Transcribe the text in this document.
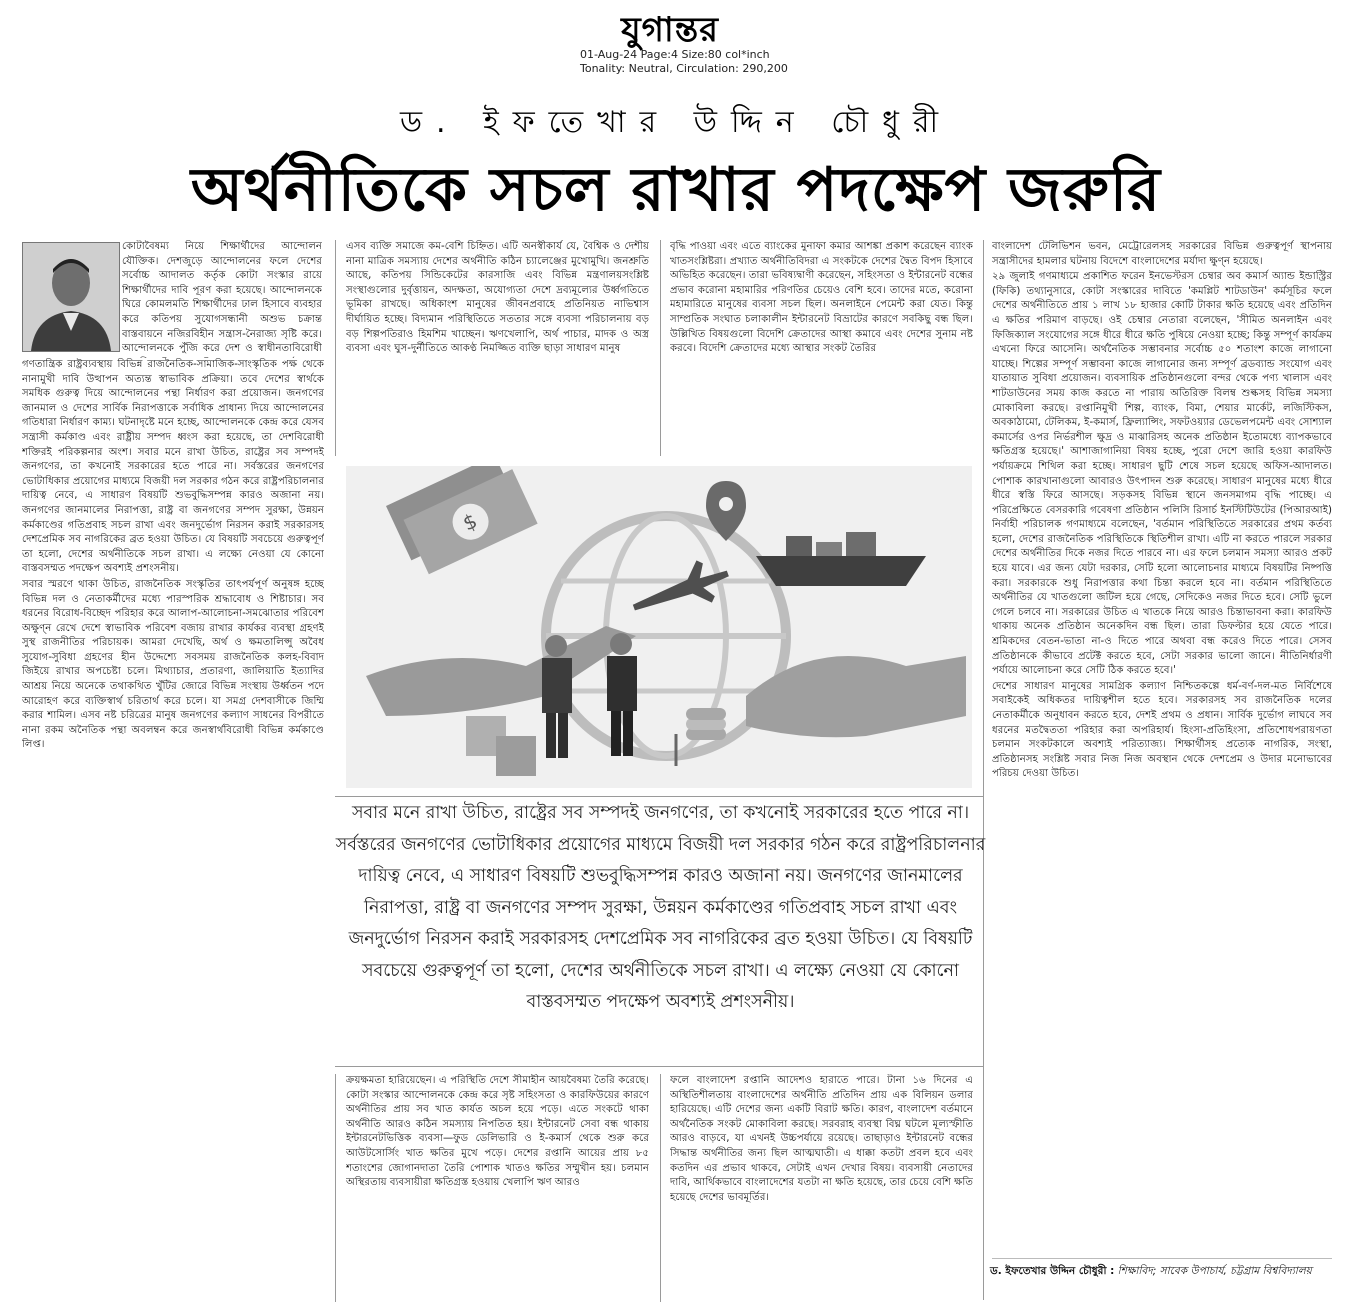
যুগান্তর
01-Aug-24 Page:4 Size:80 col*inch
Tonality: Neutral, Circulation: 290,200
ড. ইফতেখার উদ্দিন চৌধুরী
অর্থনীতিকে সচল রাখার পদক্ষেপ জরুরি

কোটাবৈষম্য নিয়ে শিক্ষার্থীদের আন্দোলন যৌক্তিক। দেশজুড়ে আন্দোলনের ফলে দেশের সর্বোচ্চ আদালত কর্তৃক কোটা সংস্কার রায়ে শিক্ষার্থীদের দাবি পূরণ করা হয়েছে। আন্দোলনকে ঘিরে কোমলমতি শিক্ষার্থীদের ঢাল হিসাবে ব্যবহার করে কতিপয় সুযোগসন্ধানী অশুভ চক্রান্ত বাস্তবায়নে নজিরবিহীন সন্ত্রাস-নৈরাজ্য সৃষ্টি করে। আন্দোলনকে পুঁজি করে দেশ ও স্বাধীনতাবিরোধী

গণতান্ত্রিক রাষ্ট্রব্যবস্থায় বিভিন্ন রাজনৈতিক-সামাজিক-সাংস্কৃতিক পক্ষ থেকে নানামুখী দাবি উত্থাপন অত্যন্ত স্বাভাবিক প্রক্রিয়া। তবে দেশের স্বার্থকে সমধিক গুরুত্ব দিয়ে আন্দোলনের পন্থা নির্ধারণ করা প্রয়োজন। জনগণের জানমাল ও দেশের সার্বিক নিরাপত্তাকে সর্বাধিক প্রাধান্য দিয়ে আন্দোলনের গতিধারা নির্ধারণ কাম্য। ঘটনাদৃষ্টে মনে হচ্ছে, আন্দোলনকে কেন্দ্র করে যেসব সন্ত্রাসী কর্মকাণ্ড এবং রাষ্ট্রীয় সম্পদ ধ্বংস করা হয়েছে, তা দেশবিরোধী শক্তিরই পরিকল্পনার অংশ। সবার মনে রাখা উচিত, রাষ্ট্রের সব সম্পদই জনগণের, তা কখনোই সরকারের হতে পারে না। সর্বস্তরের জনগণের ভোটাধিকার প্রয়োগের মাধ্যমে বিজয়ী দল সরকার গঠন করে রাষ্ট্রপরিচালনার দায়িত্ব নেবে, এ সাধারণ বিষয়টি শুভবুদ্ধিসম্পন্ন কারও অজানা নয়। জনগণের জানমালের নিরাপত্তা, রাষ্ট্র বা জনগণের সম্পদ সুরক্ষা, উন্নয়ন কর্মকাণ্ডের গতিপ্রবাহ সচল রাখা এবং জনদুর্ভোগ নিরসন করাই সরকারসহ দেশপ্রেমিক সব নাগরিকের ব্রত হওয়া উচিত। যে বিষয়টি সবচেয়ে গুরুত্বপূর্ণ তা হলো, দেশের অর্থনীতিকে সচল রাখা। এ লক্ষ্যে নেওয়া যে কোনো বাস্তবসম্মত পদক্ষেপ অবশ্যই প্রশংসনীয়।

সবার স্মরণে থাকা উচিত, রাজনৈতিক সংস্কৃতির তাৎপর্যপূর্ণ অনুষঙ্গ হচ্ছে বিভিন্ন দল ও নেতাকর্মীদের মধ্যে পারস্পরিক শ্রদ্ধাবোধ ও শিষ্টাচার। সব ধরনের বিরোধ-বিচ্ছেদ পরিহার করে আলাপ-আলোচনা-সমঝোতার পরিবেশ অক্ষুণ্ন রেখে দেশে স্বাভাবিক পরিবেশ বজায় রাখার কার্যকর ব্যবস্থা গ্রহণই সুস্থ রাজনীতির পরিচায়ক। আমরা দেখেছি, অর্থ ও ক্ষমতালিপ্সু অবৈধ সুযোগ-সুবিধা গ্রহণের হীন উদ্দেশ্যে সবসময় রাজনৈতিক কলহ-বিবাদ জিইয়ে রাখার অপচেষ্টা চলে। মিথ্যাচার, প্রতারণা, জালিয়াতি ইত্যাদির আশ্রয় নিয়ে অনেকে তথাকথিত খুঁটির জোরে বিভিন্ন সংস্থায় উর্ধ্বতন পদে আরোহণ করে ব্যক্তিস্বার্থ চরিতার্থ করে চলে। যা সমগ্র দেশবাসীকে জিম্মি করার শামিল। এসব নষ্ট চরিত্রের মানুষ জনগণের কল্যাণ সাধনের বিপরীতে নানা রকম অনৈতিক পন্থা অবলম্বন করে জনস্বার্থবিরোধী বিভিন্ন কর্মকাণ্ডে লিপ্ত।

এসব ব্যক্তি সমাজে কম-বেশি চিহ্নিত। এটি অনস্বীকার্য যে, বৈশ্বিক ও দেশীয় নানা মাত্রিক সমস্যায় দেশের অর্থনীতি কঠিন চ্যালেঞ্জের মুখোমুখি। জনশ্রুতি আছে, কতিপয় সিন্ডিকেটের কারসাজি এবং বিভিন্ন মন্ত্রণালয়সংশ্লিষ্ট সংস্থাগুলোর দুর্বৃত্তায়ন, অদক্ষতা, অযোগ্যতা দেশে দ্রব্যমূল্যের উর্ধ্বগতিতে ভূমিকা রাখছে। অধিকাংশ মানুষের জীবনপ্রবাহে প্রতিনিয়ত নাভিশ্বাস দীর্ঘায়িত হচ্ছে। বিদ্যমান পরিস্থিতিতে সততার সঙ্গে ব্যবসা পরিচালনায় বড় বড় শিল্পপতিরাও হিমশিম খাচ্ছেন। ঋণখেলাপি, অর্থ পাচার, মাদক ও অস্ত্র ব্যবসা এবং ঘুস-দুর্নীতিতে আকণ্ঠ নিমজ্জিত ব্যক্তি ছাড়া সাধারণ মানুষ

বৃদ্ধি পাওয়া এবং এতে ব্যাংকের মুনাফা কমার আশঙ্কা প্রকাশ করেছেন ব্যাংক খাতসংশ্লিষ্টরা। প্রখ্যাত অর্থনীতিবিদরা এ সংকটকে দেশের দ্বৈত বিপদ হিসাবে অভিহিত করেছেন। তারা ভবিষ্যদ্বাণী করেছেন, সহিংসতা ও ইন্টারনেট বন্ধের প্রভাব করোনা মহামারির পরিণতির চেয়েও বেশি হবে। তাদের মতে, করোনা মহামারিতে মানুষের ব্যবসা সচল ছিল। অনলাইনে পেমেন্ট করা যেত। কিন্তু সাম্প্রতিক সংঘাত চলাকালীন ইন্টারনেট বিভ্রাটের কারণে সবকিছু বন্ধ ছিল। উল্লিখিত বিষয়গুলো বিদেশি ক্রেতাদের আস্থা কমাবে এবং দেশের সুনাম নষ্ট করবে। বিদেশি ক্রেতাদের মধ্যে আস্থার সংকট তৈরির

$

সবার মনে রাখা উচিত, রাষ্ট্রের সব সম্পদই জনগণের, তা কখনোই সরকারের হতে পারে না। সর্বস্তরের জনগণের ভোটাধিকার প্রয়োগের মাধ্যমে বিজয়ী দল সরকার গঠন করে রাষ্ট্রপরিচালনার দায়িত্ব নেবে, এ সাধারণ বিষয়টি শুভবুদ্ধিসম্পন্ন কারও অজানা নয়। জনগণের জানমালের নিরাপত্তা, রাষ্ট্র বা জনগণের সম্পদ সুরক্ষা, উন্নয়ন কর্মকাণ্ডের গতিপ্রবাহ সচল রাখা এবং জনদুর্ভোগ নিরসন করাই সরকারসহ দেশপ্রেমিক সব নাগরিকের ব্রত হওয়া উচিত। যে বিষয়টি সবচেয়ে গুরুত্বপূর্ণ তা হলো, দেশের অর্থনীতিকে সচল রাখা। এ লক্ষ্যে নেওয়া যে কোনো বাস্তবসম্মত পদক্ষেপ অবশ্যই প্রশংসনীয়।

ক্রয়ক্ষমতা হারিয়েছেন। এ পরিস্থিতি দেশে সীমাহীন আয়বৈষম্য তৈরি করেছে। কোটা সংস্কার আন্দোলনকে কেন্দ্র করে সৃষ্ট সহিংসতা ও কারফিউয়ের কারণে অর্থনীতির প্রায় সব খাত কার্যত অচল হয়ে পড়ে। এতে সংকটে থাকা অর্থনীতি আরও কঠিন সমস্যায় নিপতিত হয়। ইন্টারনেট সেবা বন্ধ থাকায় ইন্টারনেটভিত্তিক ব্যবসা—ফুড ডেলিভারি ও ই-কমার্স থেকে শুরু করে আউটসোর্সিং খাত ক্ষতির মুখে পড়ে। দেশের রপ্তানি আয়ের প্রায় ৮৫ শতাংশের জোগানদাতা তৈরি পোশাক খাতও ক্ষতির সম্মুখীন হয়। চলমান অস্থিরতায় ব্যবসায়ীরা ক্ষতিগ্রস্ত হওয়ায় খেলাপি ঋণ আরও

ফলে বাংলাদেশ রপ্তানি আদেশও হারাতে পারে। টানা ১৬ দিনের এ অস্থিতিশীলতায় বাংলাদেশের অর্থনীতি প্রতিদিন প্রায় এক বিলিয়ন ডলার হারিয়েছে। এটি দেশের জন্য একটি বিরাট ক্ষতি। কারণ, বাংলাদেশ বর্তমানে অর্থনৈতিক সংকট মোকাবিলা করছে। সরবরাহ ব্যবস্থা বিঘ্ন ঘটলে মূল্যস্ফীতি আরও বাড়বে, যা এখনই উচ্চপর্যায়ে রয়েছে। তাছাড়াও ইন্টারনেট বন্ধের সিদ্ধান্ত অর্থনীতির জন্য ছিল আত্মঘাতী। এ ধাক্কা কতটা প্রবল হবে এবং কতদিন এর প্রভাব থাকবে, সেটাই এখন দেখার বিষয়। ব্যবসায়ী নেতাদের দাবি, আর্থিকভাবে বাংলাদেশের যতটা না ক্ষতি হয়েছে, তার চেয়ে বেশি ক্ষতি হয়েছে দেশের ভাবমূর্তির।

বাংলাদেশ টেলিভিশন ভবন, মেট্রোরেলসহ সরকারের বিভিন্ন গুরুত্বপূর্ণ স্থাপনায় সন্ত্রাসীদের হামলার ঘটনায় বিদেশে বাংলাদেশের মর্যাদা ক্ষুণ্ন হয়েছে।

২৯ জুলাই গণমাধ্যমে প্রকাশিত ফরেন ইনভেস্টরস চেম্বার অব কমার্স অ্যান্ড ইন্ডাস্ট্রির (ফিকি) তথ্যানুসারে, কোটা সংস্কারের দাবিতে 'কমপ্লিট শাটডাউন' কর্মসূচির ফলে দেশের অর্থনীতিতে প্রায় ১ লাখ ১৮ হাজার কোটি টাকার ক্ষতি হয়েছে এবং প্রতিদিন এ ক্ষতির পরিমাণ বাড়ছে। ওই চেম্বার নেতারা বলেছেন, 'সীমিত অনলাইন এবং ফিজিক্যাল সংযোগের সঙ্গে ধীরে ধীরে ক্ষতি পুষিয়ে নেওয়া হচ্ছে; কিন্তু সম্পূর্ণ কার্যক্রম এখনো ফিরে আসেনি। অর্থনৈতিক সম্ভাবনার সর্বোচ্চ ৫০ শতাংশ কাজে লাগানো যাচ্ছে। শিল্পের সম্পূর্ণ সম্ভাবনা কাজে লাগানোর জন্য সম্পূর্ণ ব্রডব্যান্ড সংযোগ এবং যাতায়াত সুবিধা প্রয়োজন। ব্যবসায়িক প্রতিষ্ঠানগুলো বন্দর থেকে পণ্য খালাস এবং শাটডাউনের সময় কাজ করতে না পারায় অতিরিক্ত বিলম্ব শুল্কসহ বিভিন্ন সমস্যা মোকাবিলা করছে। রপ্তানিমুখী শিল্প, ব্যাংক, বিমা, শেয়ার মার্কেট, লজিস্টিকস, অবকাঠামো, টেলিকম, ই-কমার্স, ফ্রিল্যান্সিং, সফটওয়্যার ডেভেলপমেন্ট এবং সোশ্যাল কমার্সের ওপর নির্ভরশীল ক্ষুদ্র ও মাঝারিসহ অনেক প্রতিষ্ঠান ইতোমধ্যে ব্যাপকভাবে ক্ষতিগ্রস্ত হয়েছে।' আশাজাগানিয়া বিষয় হচ্ছে, পুরো দেশে জারি হওয়া কারফিউ পর্যায়ক্রমে শিথিল করা হচ্ছে। সাধারণ ছুটি শেষে সচল হয়েছে অফিস-আদালত। পোশাক কারখানাগুলো আবারও উৎপাদন শুরু করেছে। সাধারণ মানুষের মধ্যে ধীরে ধীরে স্বস্তি ফিরে আসছে। সড়কসহ বিভিন্ন স্থানে জনসমাগম বৃদ্ধি পাচ্ছে। এ পরিপ্রেক্ষিতে বেসরকারি গবেষণা প্রতিষ্ঠান পলিসি রিসার্চ ইনস্টিটিউটের (পিআরআই) নির্বাহী পরিচালক গণমাধ্যমে বলেছেন, 'বর্তমান পরিস্থিতিতে সরকারের প্রথম কর্তব্য হলো, দেশের রাজনৈতিক পরিস্থিতিকে স্থিতিশীল রাখা। এটি না করতে পারলে সরকার দেশের অর্থনীতির দিকে নজর দিতে পারবে না। এর ফলে চলমান সমস্যা আরও প্রকট হয়ে যাবে। এর জন্য যেটা দরকার, সেটি হলো আলোচনার মাধ্যমে বিষয়টির নিষ্পত্তি করা। সরকারকে শুধু নিরাপত্তার কথা চিন্তা করলে হবে না। বর্তমান পরিস্থিতিতে অর্থনীতির যে খাতগুলো জটিল হয়ে গেছে, সেদিকেও নজর দিতে হবে। সেটি ভুলে গেলে চলবে না। সরকারের উচিত এ খাতকে নিয়ে আরও চিন্তাভাবনা করা। কারফিউ থাকায় অনেক প্রতিষ্ঠান অনেকদিন বন্ধ ছিল। তারা ডিফল্টার হয়ে যেতে পারে। শ্রমিকদের বেতন-ভাতা না-ও দিতে পারে অথবা বন্ধ করেও দিতে পারে। সেসব প্রতিষ্ঠানকে কীভাবে প্রটেক্ট করতে হবে, সেটা সরকার ভালো জানে। নীতিনির্ধারণী পর্যায়ে আলোচনা করে সেটি ঠিক করতে হবে।'

দেশের সাধারণ মানুষের সামগ্রিক কল্যাণ নিশ্চিতকল্পে ধর্ম-বর্ণ-দল-মত নির্বিশেষে সবাইকেই অধিকতর দায়িত্বশীল হতে হবে। সরকারসহ সব রাজনৈতিক দলের নেতাকর্মীকে অনুধাবন করতে হবে, দেশই প্রথম ও প্রধান। সার্বিক দুর্ভোগ লাঘবে সব ধরনের মতদ্বৈততা পরিহার করা অপরিহার্য। হিংসা-প্রতিহিংসা, প্রতিশোধপরায়ণতা চলমান সংকটকালে অবশ্যই পরিত্যাজ্য। শিক্ষার্থীসহ প্রত্যেক নাগরিক, সংস্থা, প্রতিষ্ঠানসহ সংশ্লিষ্ট সবার নিজ নিজ অবস্থান থেকে দেশপ্রেম ও উদার মনোভাবের পরিচয় দেওয়া উচিত।

ড. ইফতেখার উদ্দিন চৌধুরী : শিক্ষাবিদ; সাবেক উপাচার্য, চট্টগ্রাম বিশ্ববিদ্যালয়
